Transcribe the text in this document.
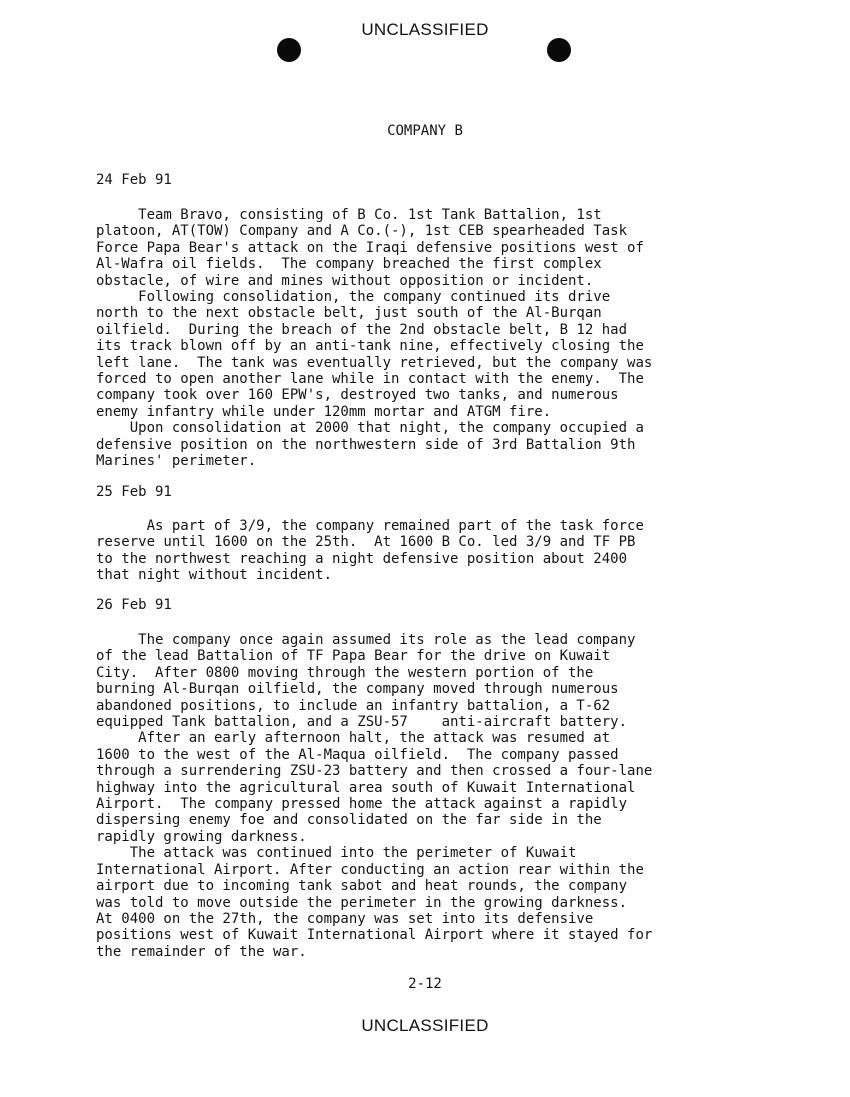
UNCLASSIFIED
COMPANY B
24 Feb 91
Team Bravo, consisting of B Co. 1st Tank Battalion, 1st
platoon, AT(TOW) Company and A Co.(-), 1st CEB spearheaded Task
Force Papa Bear's attack on the Iraqi defensive positions west of
Al-Wafra oil fields.  The company breached the first complex
obstacle, of wire and mines without opposition or incident.
Following consolidation, the company continued its drive
north to the next obstacle belt, just south of the Al-Burqan
oilfield.  During the breach of the 2nd obstacle belt, B 12 had
its track blown off by an anti-tank nine, effectively closing the
left lane.  The tank was eventually retrieved, but the company was
forced to open another lane while in contact with the enemy.  The
company took over 160 EPW's, destroyed two tanks, and numerous
enemy infantry while under 120mm mortar and ATGM fire.
Upon consolidation at 2000 that night, the company occupied a
defensive position on the northwestern side of 3rd Battalion 9th
Marines' perimeter.
25 Feb 91
As part of 3/9, the company remained part of the task force
reserve until 1600 on the 25th.  At 1600 B Co. led 3/9 and TF PB
to the northwest reaching a night defensive position about 2400
that night without incident.
26 Feb 91
The company once again assumed its role as the lead company
of the lead Battalion of TF Papa Bear for the drive on Kuwait
City.  After 0800 moving through the western portion of the
burning Al-Burqan oilfield, the company moved through numerous
abandoned positions, to include an infantry battalion, a T-62
equipped Tank battalion, and a ZSU-57    anti-aircraft battery.
After an early afternoon halt, the attack was resumed at
1600 to the west of the Al-Maqua oilfield.  The company passed
through a surrendering ZSU-23 battery and then crossed a four-lane
highway into the agricultural area south of Kuwait International
Airport.  The company pressed home the attack against a rapidly
dispersing enemy foe and consolidated on the far side in the
rapidly growing darkness.
The attack was continued into the perimeter of Kuwait
International Airport. After conducting an action rear within the
airport due to incoming tank sabot and heat rounds, the company
was told to move outside the perimeter in the growing darkness.
At 0400 on the 27th, the company was set into its defensive
positions west of Kuwait International Airport where it stayed for
the remainder of the war.
2-12
UNCLASSIFIED
